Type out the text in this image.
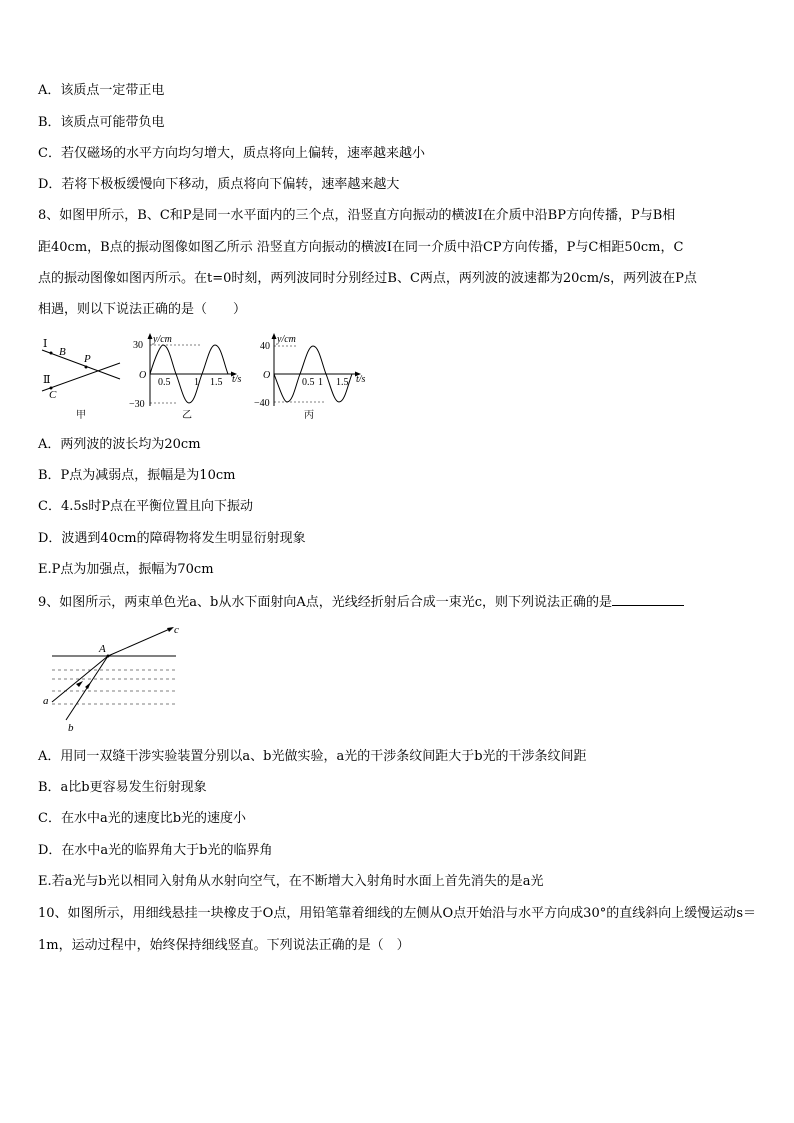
A．该质点一定带正电
B．该质点可能带负电
C．若仅磁场的水平方向均匀增大，质点将向上偏转，速率越来越小
D．若将下极板缓慢向下移动，质点将向下偏转，速率越来越大
8、如图甲所示，B、C和P是同一水平面内的三个点，沿竖直方向振动的横波Ⅰ在介质中沿BP方向传播，P与B相
距40cm，B点的振动图像如图乙所示 沿竖直方向振动的横波Ⅰ在同一介质中沿CP方向传播，P与C相距50cm，C
点的振动图像如图丙所示。在t=0时刻，两列波同时分别经过B、C两点，两列波的波速都为20cm/s，两列波在P点
相遇，则以下说法正确的是（　　）
Ⅰ
B
P
Ⅱ
C
甲
y/cm
t/s
30
−30
O
0.5 1 1.5
乙
y/cm
t/s
40
−40
O
0.5 1 1.5
丙
A．两列波的波长均为20cm
B．P点为减弱点，振幅是为10cm
C．4.5s时P点在平衡位置且向下振动
D．波遇到40cm的障碍物将发生明显衍射现象
E.P点为加强点，振幅为70cm
9、如图所示，两束单色光a、b从水下面射向A点，光线经折射后合成一束光c，则下列说法正确的是
A
c
a
b
A．用同一双缝干涉实验装置分别以a、b光做实验，a光的干涉条纹间距大于b光的干涉条纹间距
B．a比b更容易发生衍射现象
C．在水中a光的速度比b光的速度小
D．在水中a光的临界角大于b光的临界角
E.若a光与b光以相同入射角从水射向空气，在不断增大入射角时水面上首先消失的是a光
10、如图所示，用细线悬挂一块橡皮于O点，用铅笔靠着细线的左侧从O点开始沿与水平方向成30°的直线斜向上缓慢运动s＝1m，运动过程中，始终保持细线竖直。下列说法正确的是（　）
